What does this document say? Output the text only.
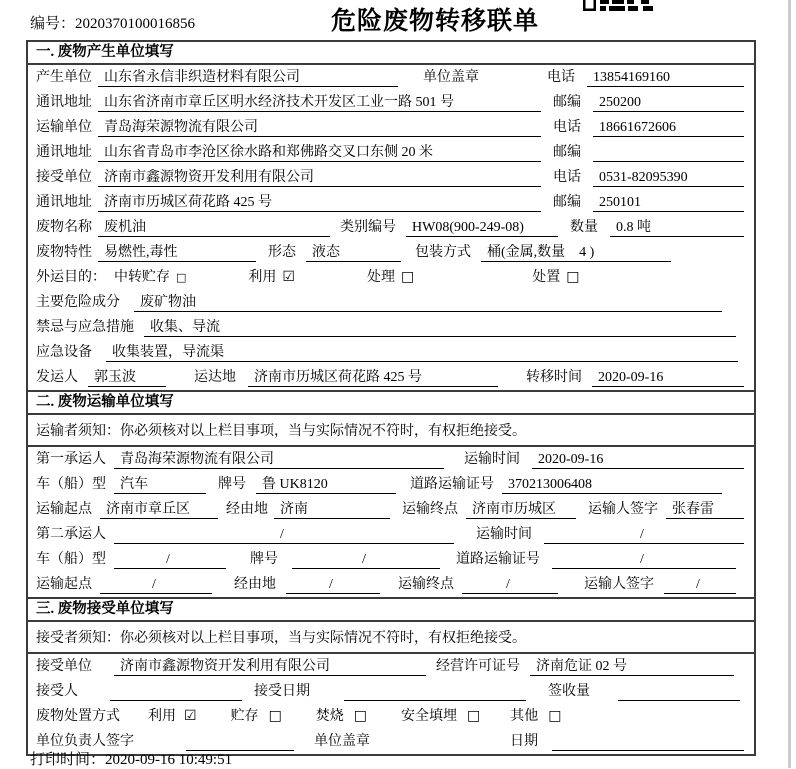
编号：2020370100016856	危险废物转移联单
一. 废物产生单位填写
产生单位 山东省永信非织造材料有限公司	单位盖章	电话	13854169160
通讯地址 山东省济南市章丘区明水经济技术开发区工业一路 501 号	邮编	250200
运输单位 青岛海荣源物流有限公司	电话	18661672606
通讯地址 山东省青岛市李沧区徐水路和郑佛路交叉口东侧 20 米	邮编
接受单位 济南市鑫源物资开发利用有限公司	电话	0531-82095390
通讯地址 济南市历城区荷花路 425 号	邮编	250101
废物名称 废机油	类别编号	HW08(900-249-08)	数量	0.8 吨
废物特性 易燃性,毒性	形态	液态	包装方式	桶(金属,数量　4 )
外运目的： 中转贮存 □	利用 ☑	处理 □	处置 □
主要危险成分	废矿物油
禁忌与应急措施	收集、导流
应急设备	收集装置，导流渠
发运人	郭玉波	运达地	济南市历城区荷花路 425 号	转移时间	2020-09-16
二. 废物运输单位填写
运输者须知：你必须核对以上栏目事项，当与实际情况不符时，有权拒绝接受。
第一承运人	青岛海荣源物流有限公司	运输时间	2020-09-16
车（船）型	汽车	牌号	鲁 UK8120	道路运输证号	370213006408
运输起点	济南市章丘区	经由地 济南	运输终点	济南市历城区	运输人签字	张春雷
第二承运人	/	运输时间	/
车（船）型	/	牌号	/	道路运输证号	/
运输起点	/	经由地	/	运输终点	/	运输人签字	/
三. 废物接受单位填写
接受者须知：你必须核对以上栏目事项，当与实际情况不符时，有权拒绝接受。
接受单位	济南市鑫源物资开发利用有限公司	经营许可证号	济南危证 02 号
接受人	接受日期	签收量
废物处置方式 利用 ☑ 贮存 □ 焚烧 □ 安全填埋 □ 其他 □
单位负责人签字	单位盖章	日期
打印时间：2020-09-16 10:49:51
